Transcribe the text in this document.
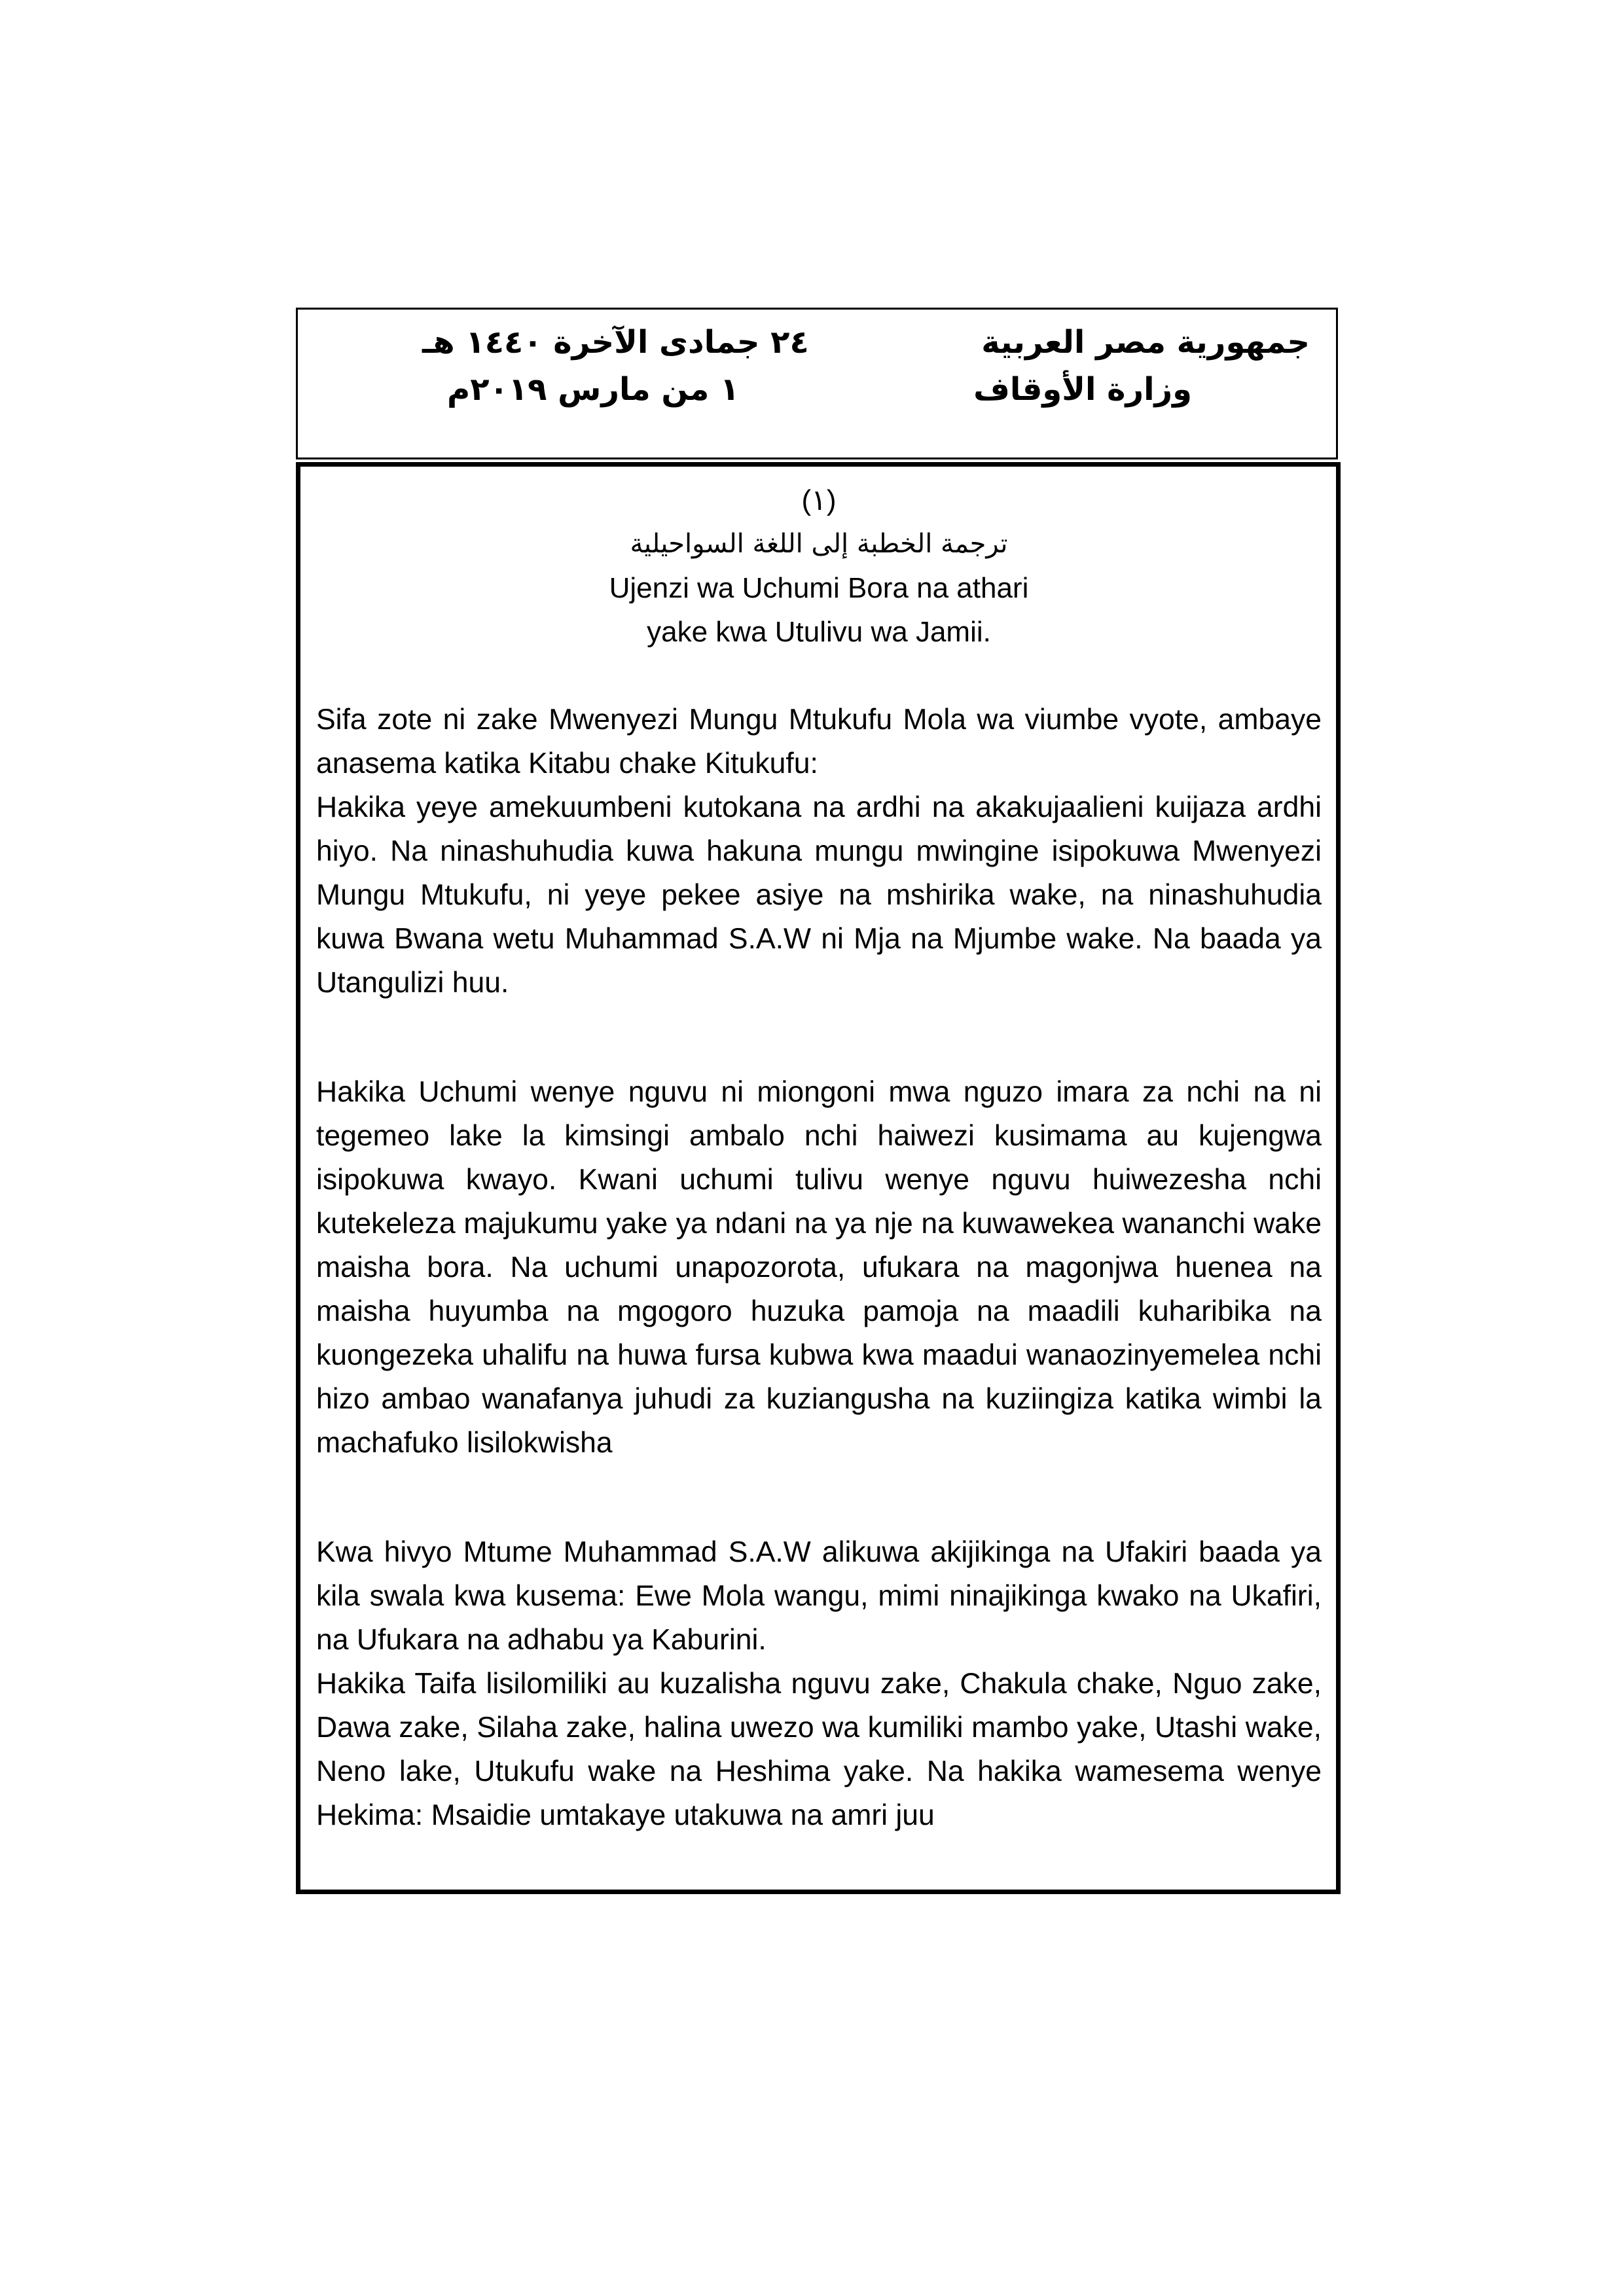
جمهورية مصر العربية
وزارة الأوقاف
٢٤ جمادى الآخرة ١٤٤٠ هـ
١ من مارس ٢٠١٩م
(١)
ترجمة الخطبة إلى اللغة السواحيلية
Ujenzi wa Uchumi Bora na athari
yake kwa Utulivu wa Jamii.

Sifa zote ni zake Mwenyezi Mungu Mtukufu Mola wa viumbe vyote, ambaye anasema katika Kitabu chake Kitukufu:

Hakika yeye amekuumbeni kutokana na ardhi na akakujaalieni kuijaza ardhi hiyo. Na ninashuhudia kuwa hakuna mungu mwingine isipokuwa Mwenyezi Mungu Mtukufu, ni yeye pekee asiye na mshirika wake, na ninashuhudia kuwa Bwana wetu Muhammad S.A.W ni Mja na Mjumbe wake. Na baada ya Utangulizi huu.

Hakika Uchumi wenye nguvu ni miongoni mwa nguzo imara za nchi na ni tegemeo lake la kimsingi ambalo nchi haiwezi kusimama au kujengwa isipokuwa kwayo. Kwani uchumi tulivu wenye nguvu huiwezesha nchi kutekeleza majukumu yake ya ndani na ya nje na kuwawekea wananchi wake maisha bora. Na uchumi unapozorota, ufukara na magonjwa huenea na maisha huyumba na mgogoro huzuka pamoja na maadili kuharibika na kuongezeka uhalifu na huwa fursa kubwa kwa maadui wanaozinyemelea nchi hizo ambao wanafanya juhudi za kuziangusha na kuziingiza katika wimbi la machafuko lisilokwisha

Kwa hivyo Mtume Muhammad S.A.W alikuwa akijikinga na Ufakiri baada ya kila swala kwa kusema: Ewe Mola wangu, mimi ninajikinga kwako na Ukafiri, na Ufukara na adhabu ya Kaburini.

Hakika Taifa lisilomiliki au kuzalisha nguvu zake, Chakula chake, Nguo zake, Dawa zake, Silaha zake, halina uwezo wa kumiliki mambo yake, Utashi wake, Neno lake, Utukufu wake na Heshima yake. Na hakika wamesema wenye Hekima: Msaidie umtakaye utakuwa na amri juu
